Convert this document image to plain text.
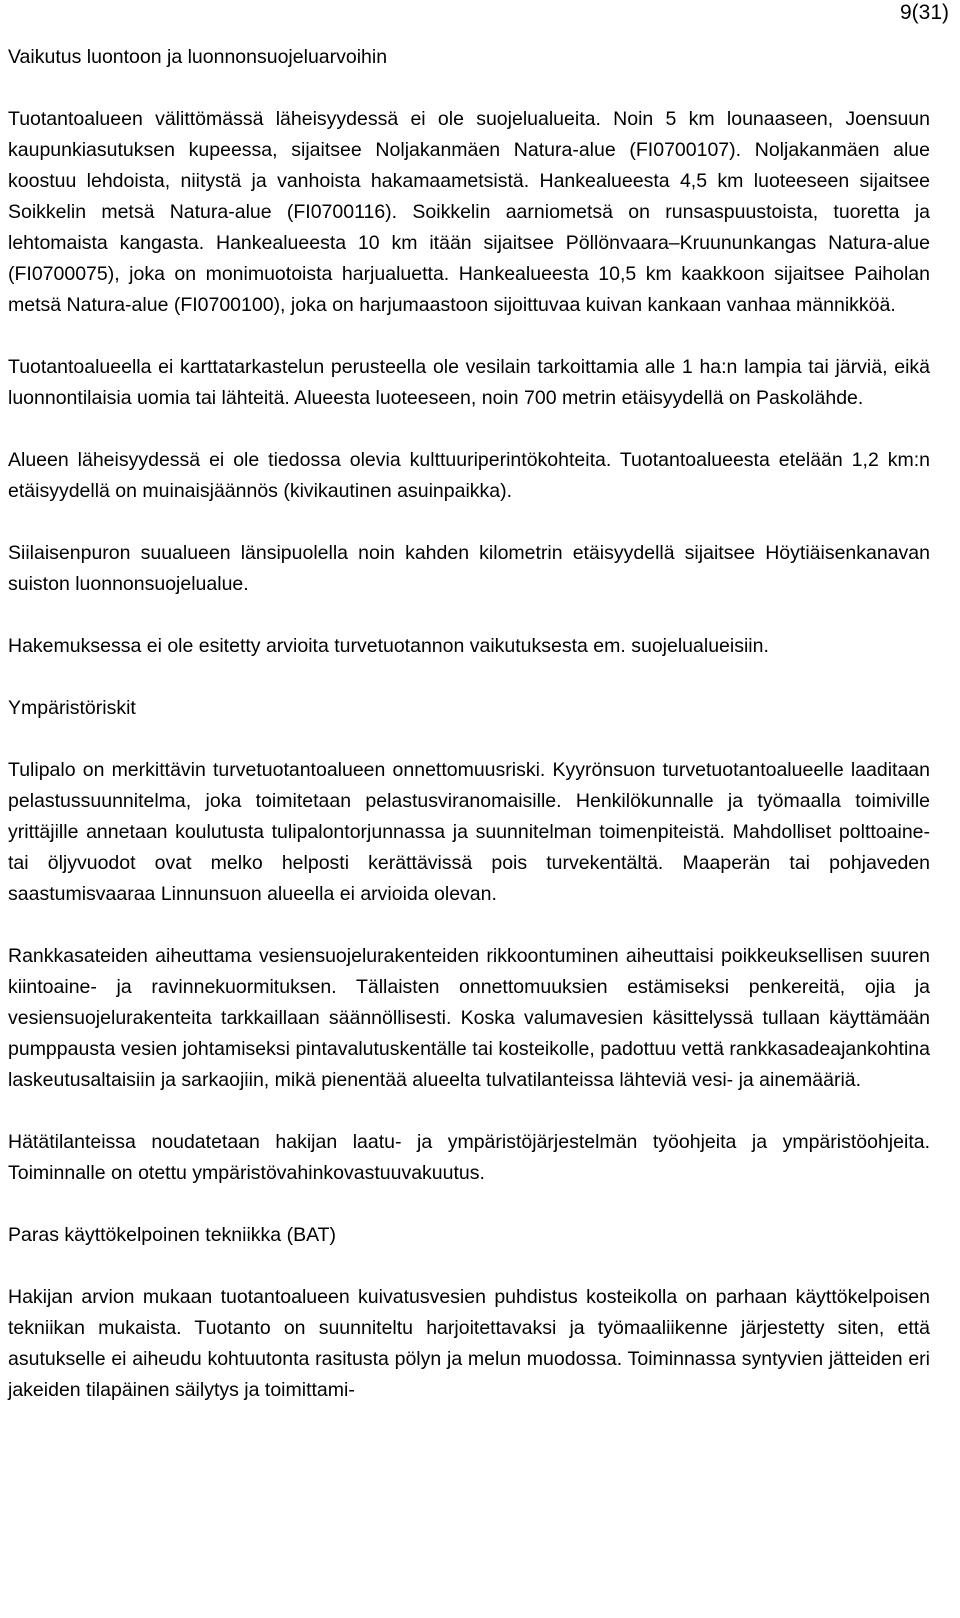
9(31)
Vaikutus luontoon ja luonnonsuojeluarvoihin

Tuotantoalueen välittömässä läheisyydessä ei ole suojelualueita. Noin 5 km lounaaseen, Joensuun kaupunkiasutuksen kupeessa, sijaitsee Noljakanmäen Natura-alue (FI0700107). Noljakanmäen alue koostuu lehdoista, niitystä ja vanhoista hakamaametsistä. Hankealueesta 4,5 km luoteeseen sijaitsee Soikkelin metsä Natura-alue (FI0700116). Soikkelin aarniometsä on runsaspuustoista, tuoretta ja lehtomaista kangasta. Hankealueesta 10 km itään sijaitsee Pöllönvaara–Kruununkangas Natura-alue (FI0700075), joka on monimuotoista harjualuetta. Hankealueesta 10,5 km kaakkoon sijaitsee Paiholan metsä Natura-alue (FI0700100), joka on harjumaastoon sijoittuvaa kuivan kankaan vanhaa männikköä.

Tuotantoalueella ei karttatarkastelun perusteella ole vesilain tarkoittamia alle 1 ha:n lampia tai järviä, eikä luonnontilaisia uomia tai lähteitä. Alueesta luoteeseen, noin 700 metrin etäisyydellä on Paskolähde.

Alueen läheisyydessä ei ole tiedossa olevia kulttuuriperintökohteita. Tuotantoalueesta etelään 1,2 km:n etäisyydellä on muinaisjäännös (kivikautinen asuinpaikka).

Siilaisenpuron suualueen länsipuolella noin kahden kilometrin etäisyydellä sijaitsee Höytiäisenkanavan suiston luonnonsuojelualue.

Hakemuksessa ei ole esitetty arvioita turvetuotannon vaikutuksesta em. suojelualueisiin.

Ympäristöriskit

Tulipalo on merkittävin turvetuotantoalueen onnettomuusriski. Kyyrönsuon turvetuotantoalueelle laaditaan pelastussuunnitelma, joka toimitetaan pelastusviranomaisille. Henkilökunnalle ja työmaalla toimiville yrittäjille annetaan koulutusta tulipalontorjunnassa ja suunnitelman toimenpiteistä. Mahdolliset polttoaine- tai öljyvuodot ovat melko helposti kerättävissä pois turvekentältä. Maaperän tai pohjaveden saastumisvaaraa Linnunsuon alueella ei arvioida olevan.

Rankkasateiden aiheuttama vesiensuojelurakenteiden rikkoontuminen aiheuttaisi poikkeuksellisen suuren kiintoaine- ja ravinnekuormituksen. Tällaisten onnettomuuksien estämiseksi penkereitä, ojia ja vesiensuojelurakenteita tarkkaillaan säännöllisesti. Koska valumavesien käsittelyssä tullaan käyttämään pumppausta vesien johtamiseksi pintavalutuskentälle tai kosteikolle, padottuu vettä rankkasadeajankohtina laskeutusaltaisiin ja sarkaojiin, mikä pienentää alueelta tulvatilanteissa lähteviä vesi- ja ainemääriä.

Hätätilanteissa noudatetaan hakijan laatu- ja ympäristöjärjestelmän työohjeita ja ympäristöohjeita. Toiminnalle on otettu ympäristövahinkovastuuvakuutus.

Paras käyttökelpoinen tekniikka (BAT)

Hakijan arvion mukaan tuotantoalueen kuivatusvesien puhdistus kosteikolla on parhaan käyttökelpoisen tekniikan mukaista. Tuotanto on suunniteltu harjoitettavaksi ja työmaaliikenne järjestetty siten, että asutukselle ei aiheudu kohtuutonta rasitusta pölyn ja melun muodossa. Toiminnassa syntyvien jätteiden eri jakeiden tilapäinen säilytys ja toimittami-
